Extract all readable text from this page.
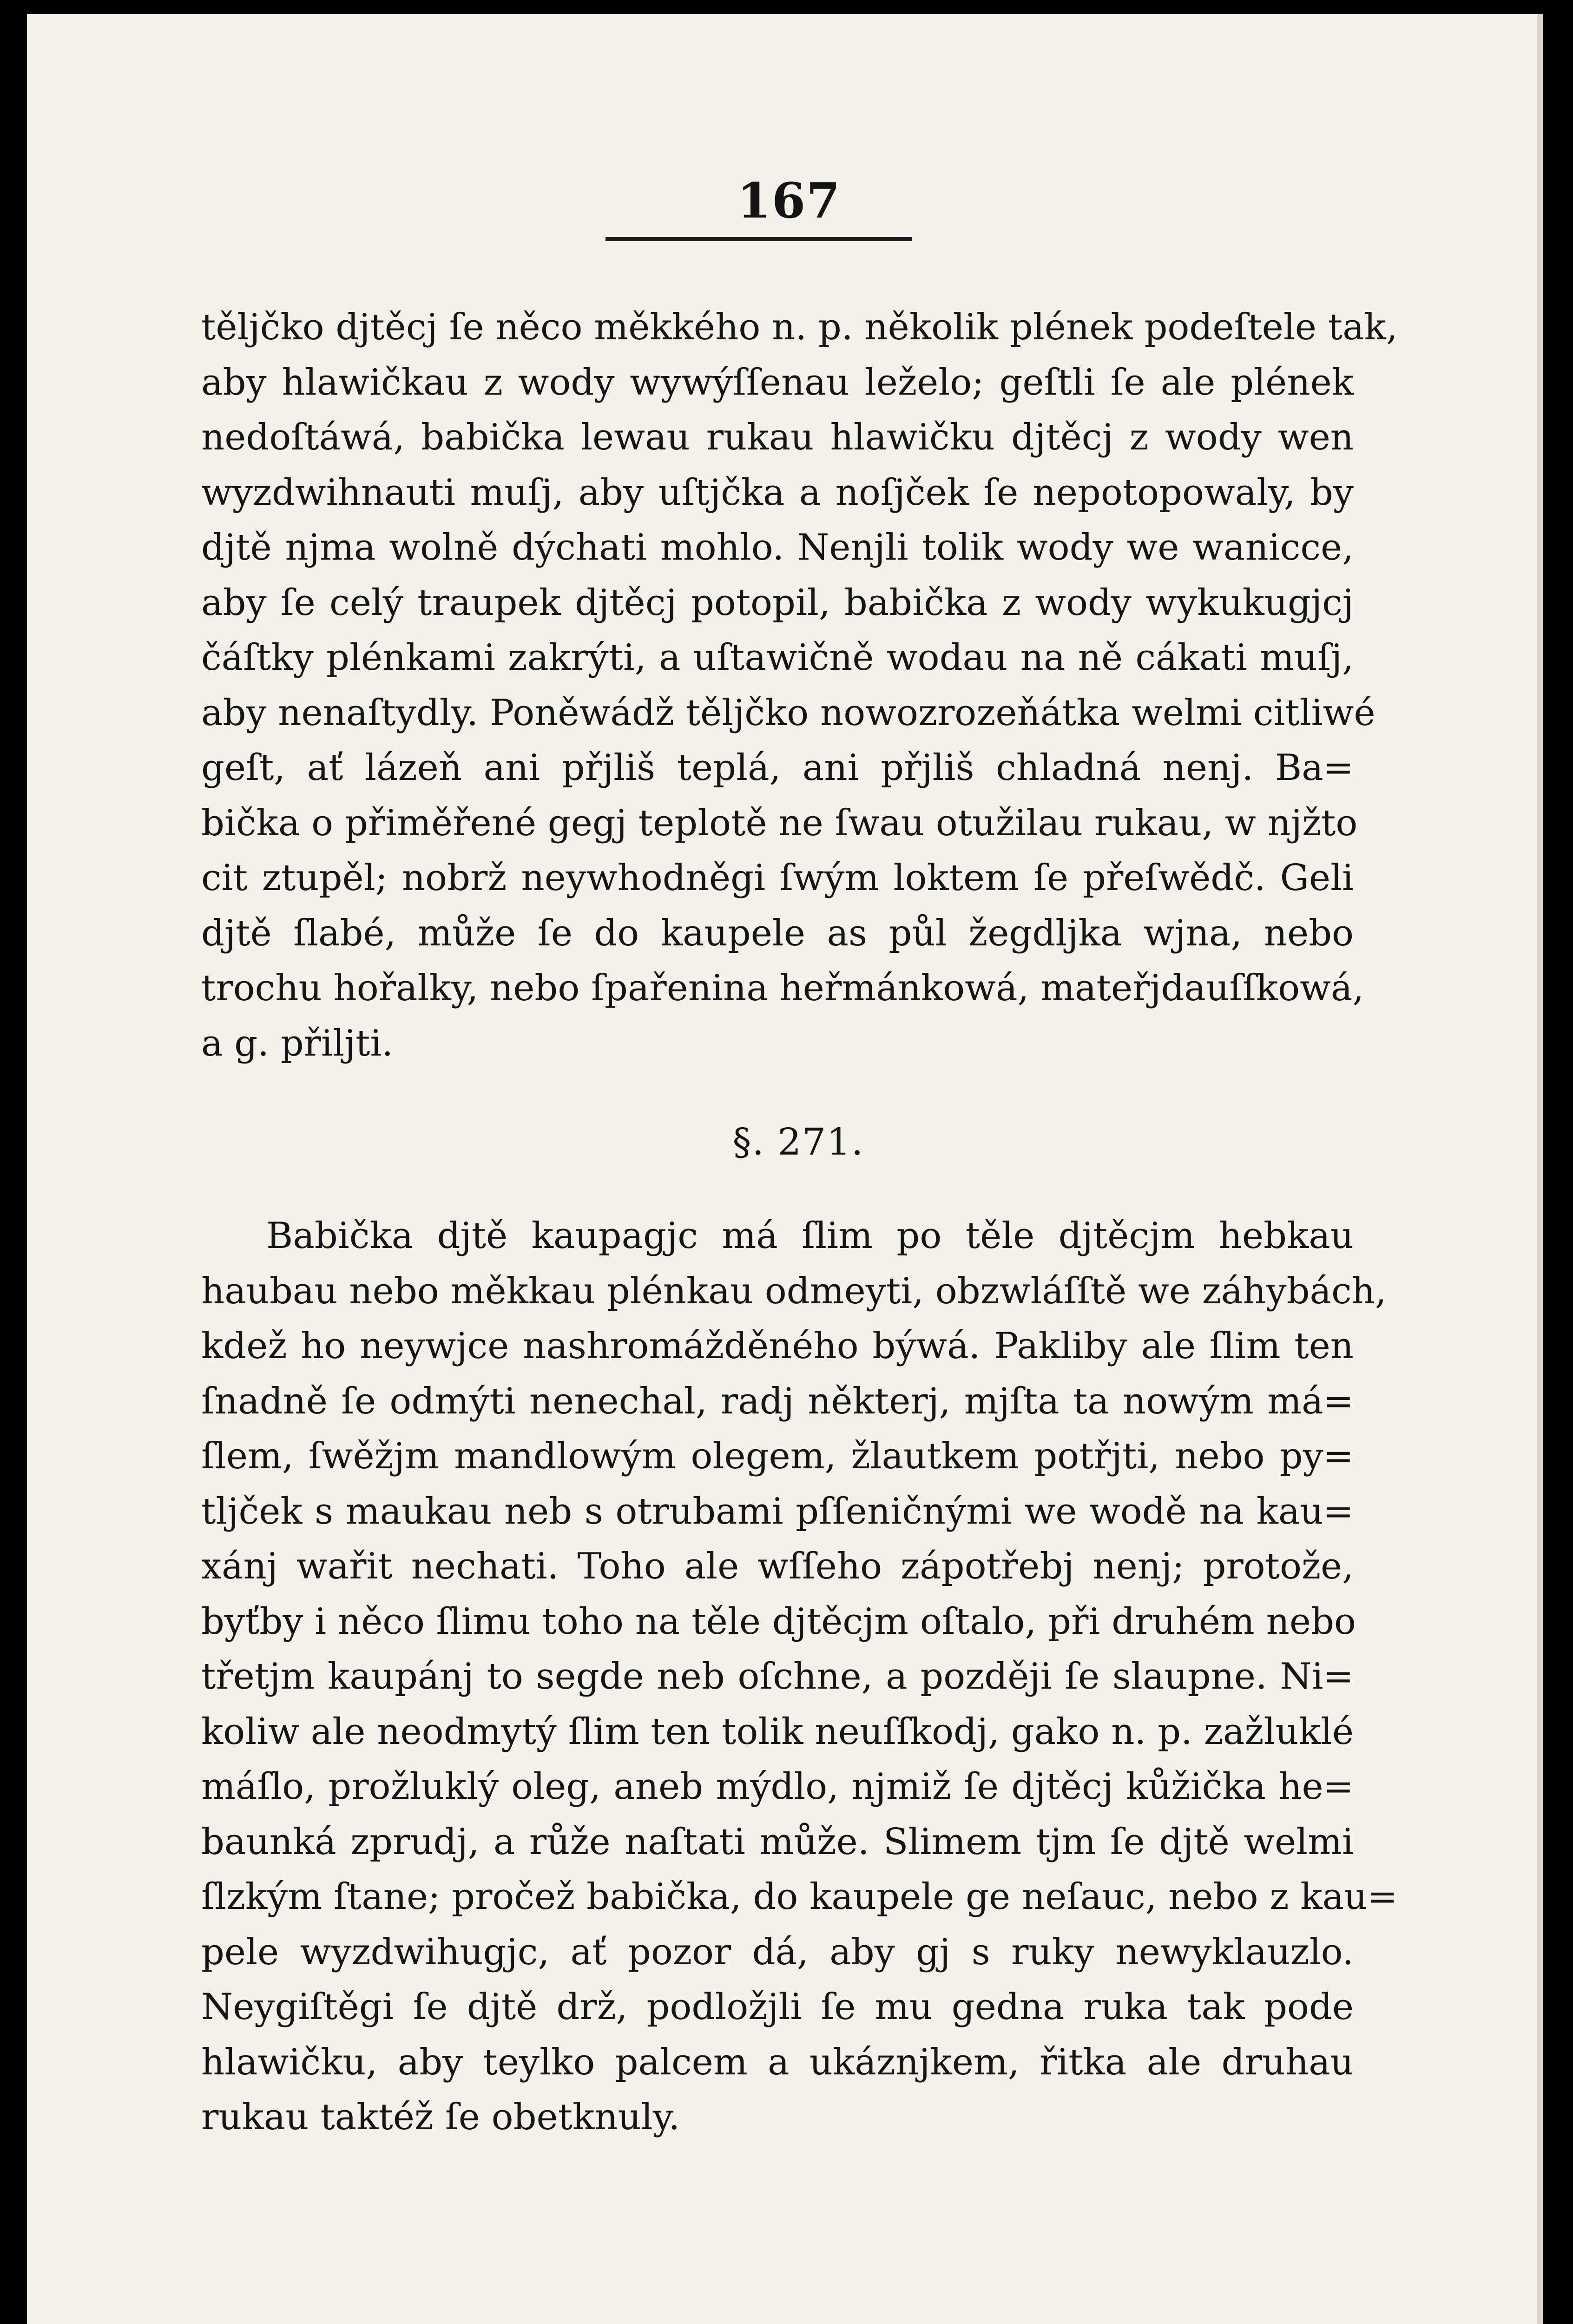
167
těljčko djtěcj ſe něco měkkého n. p. několik plének podeſtele tak,
aby hlawičkau z wody wywýſſenau leželo; geſtli ſe ale plének
nedoſtáwá, babička lewau rukau hlawičku djtěcj z wody wen
wyzdwihnauti muſj, aby uſtjčka a noſjček ſe nepotopowaly, by
djtě njma wolně dýchati mohlo. Nenjli tolik wody we wanicce,
aby ſe celý traupek djtěcj potopil, babička z wody wykukugjcj
čáſtky plénkami zakrýti, a uſtawičně wodau na ně cákati muſj,
aby nenaſtydly. Poněwádž těljčko nowozrozeňátka welmi citliwé
geſt, ať lázeň ani přjliš teplá, ani přjliš chladná nenj. Ba=
bička o přiměřené gegj teplotě ne ſwau otužilau rukau, w njžto
cit ztupěl; nobrž neywhodněgi ſwým loktem ſe přeſwědč. Geli
djtě ſlabé, může ſe do kaupele as půl žegdljka wjna, nebo
trochu hořalky, nebo ſpařenina heřmánkowá, mateřjdauſſkowá,
a g. přiljti.
§. 271.
Babička djtě kaupagjc má ſlim po těle djtěcjm hebkau
haubau nebo měkkau plénkau odmeyti, obzwláſſtě we záhybách,
kdež ho neywjce nashromážděného býwá. Pakliby ale ſlim ten
ſnadně ſe odmýti nenechal, radj některj, mjſta ta nowým má=
ſlem, ſwěžjm mandlowým olegem, žlautkem potřjti, nebo py=
tljček s maukau neb s otrubami pſſeničnými we wodě na kau=
xánj wařit nechati. Toho ale wſſeho zápotřebj nenj; protože,
byťby i něco ſlimu toho na těle djtěcjm oſtalo, při druhém nebo
třetjm kaupánj to segde neb oſchne, a později ſe slaupne. Ni=
koliw ale neodmytý ſlim ten tolik neuſſkodj, gako n. p. zažluklé
máſlo, prožluklý oleg, aneb mýdlo, njmiž ſe djtěcj kůžička he=
baunká zprudj, a růže naſtati může. Slimem tjm ſe djtě welmi
ſlzkým ſtane; pročež babička, do kaupele ge neſauc, nebo z kau=
pele wyzdwihugjc, ať pozor dá, aby gj s ruky newyklauzlo.
Neygiſtěgi ſe djtě drž, podložjli ſe mu gedna ruka tak pode
hlawičku, aby teylko palcem a ukáznjkem, řitka ale druhau
rukau taktéž ſe obetknuly.
